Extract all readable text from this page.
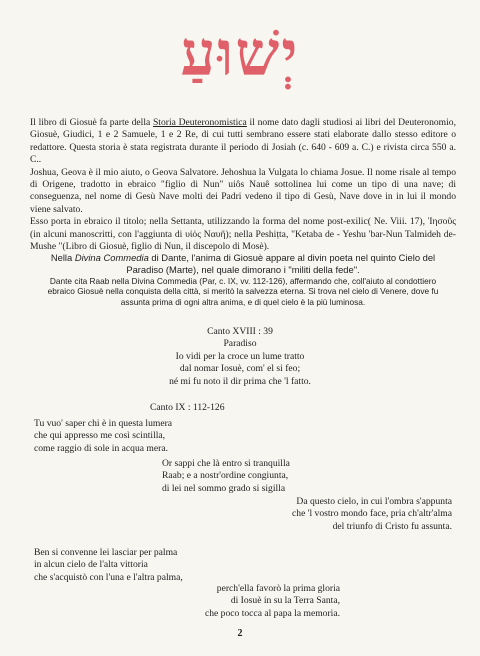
יְשׁוּעַ

Il libro di Giosuè fa parte della Storia Deuteronomistica il nome dato dagli studiosi ai libri del Deuteronomio, Giosuè, Giudici, 1 e 2 Samuele, 1 e 2 Re, di cui tutti sembrano essere stati elaborate dallo stesso editore o redattore. Questa storia è stata registrata durante il periodo di Josiah (c. 640 - 609 a. C.) e rivista circa 550 a. C..

Joshua, Geova è il mio aiuto, o Geova Salvatore. Jehoshua la Vulgata lo chiama Josue. Il nome risale al tempo di Origene, tradotto in ebraico "figlio di Nun" uiôs Nauê sottolinea lui come un tipo di una nave; di conseguenza, nel nome di Gesù Nave molti dei Padri vedeno il tipo di Gesù, Nave dove in in lui il mondo viene salvato.

Esso porta in ebraico il titolo; nella Settanta, utilizzando la forma del nome post-exilic( Ne. Viii. 17), Ἰησοῦς (in alcuni manoscritti, con l'aggiunta di υἱός Ναυῆ); nella Peshiṭta, "Ketaba de - Yeshu 'bar-Nun Talmideh de-Mushe "(Libro di Giosuè, figlio di Nun, il discepolo di Mosè).

Nella Divina Commedia di Dante, l'anima di Giosuè appare al divin poeta nel quinto Cielo del Paradiso (Marte), nel quale dimorano i "militi della fede".

Dante cita Raab nella Divina Commedia (Par, c. IX, vv. 112-126), affermando che, coll'aiuto al condottiero ebraico Giosuè nella conquista della città, si meritò la salvezza eterna. Si trova nel cielo di Venere, dove fu assunta prima di ogni altra anima, e di quel cielo è la più luminosa.

Canto XVIII : 39
Paradiso
Io vidi per la croce un lume tratto
dal nomar Iosuè, com' el si feo;
né mi fu noto il dir prima che 'l fatto.
Canto IX : 112-126
Tu vuo' saper chi è in questa lumera
che qui appresso me così scintilla,
come raggio di sole in acqua mera.
Or sappi che là entro si tranquilla
Raab; e a nostr'ordine congiunta,
di lei nel sommo grado si sigilla
Da questo cielo, in cui l'ombra s'appunta
che 'l vostro mondo face, pria ch'altr'alma
del triunfo di Cristo fu assunta.
Ben si convenne lei lasciar per palma
in alcun cielo de l'alta vittoria
che s'acquistò con l'una e l'altra palma,
perch'ella favorò la prima gloria
di Iosuè in su la Terra Santa,
che poco tocca al papa la memoria.
2
